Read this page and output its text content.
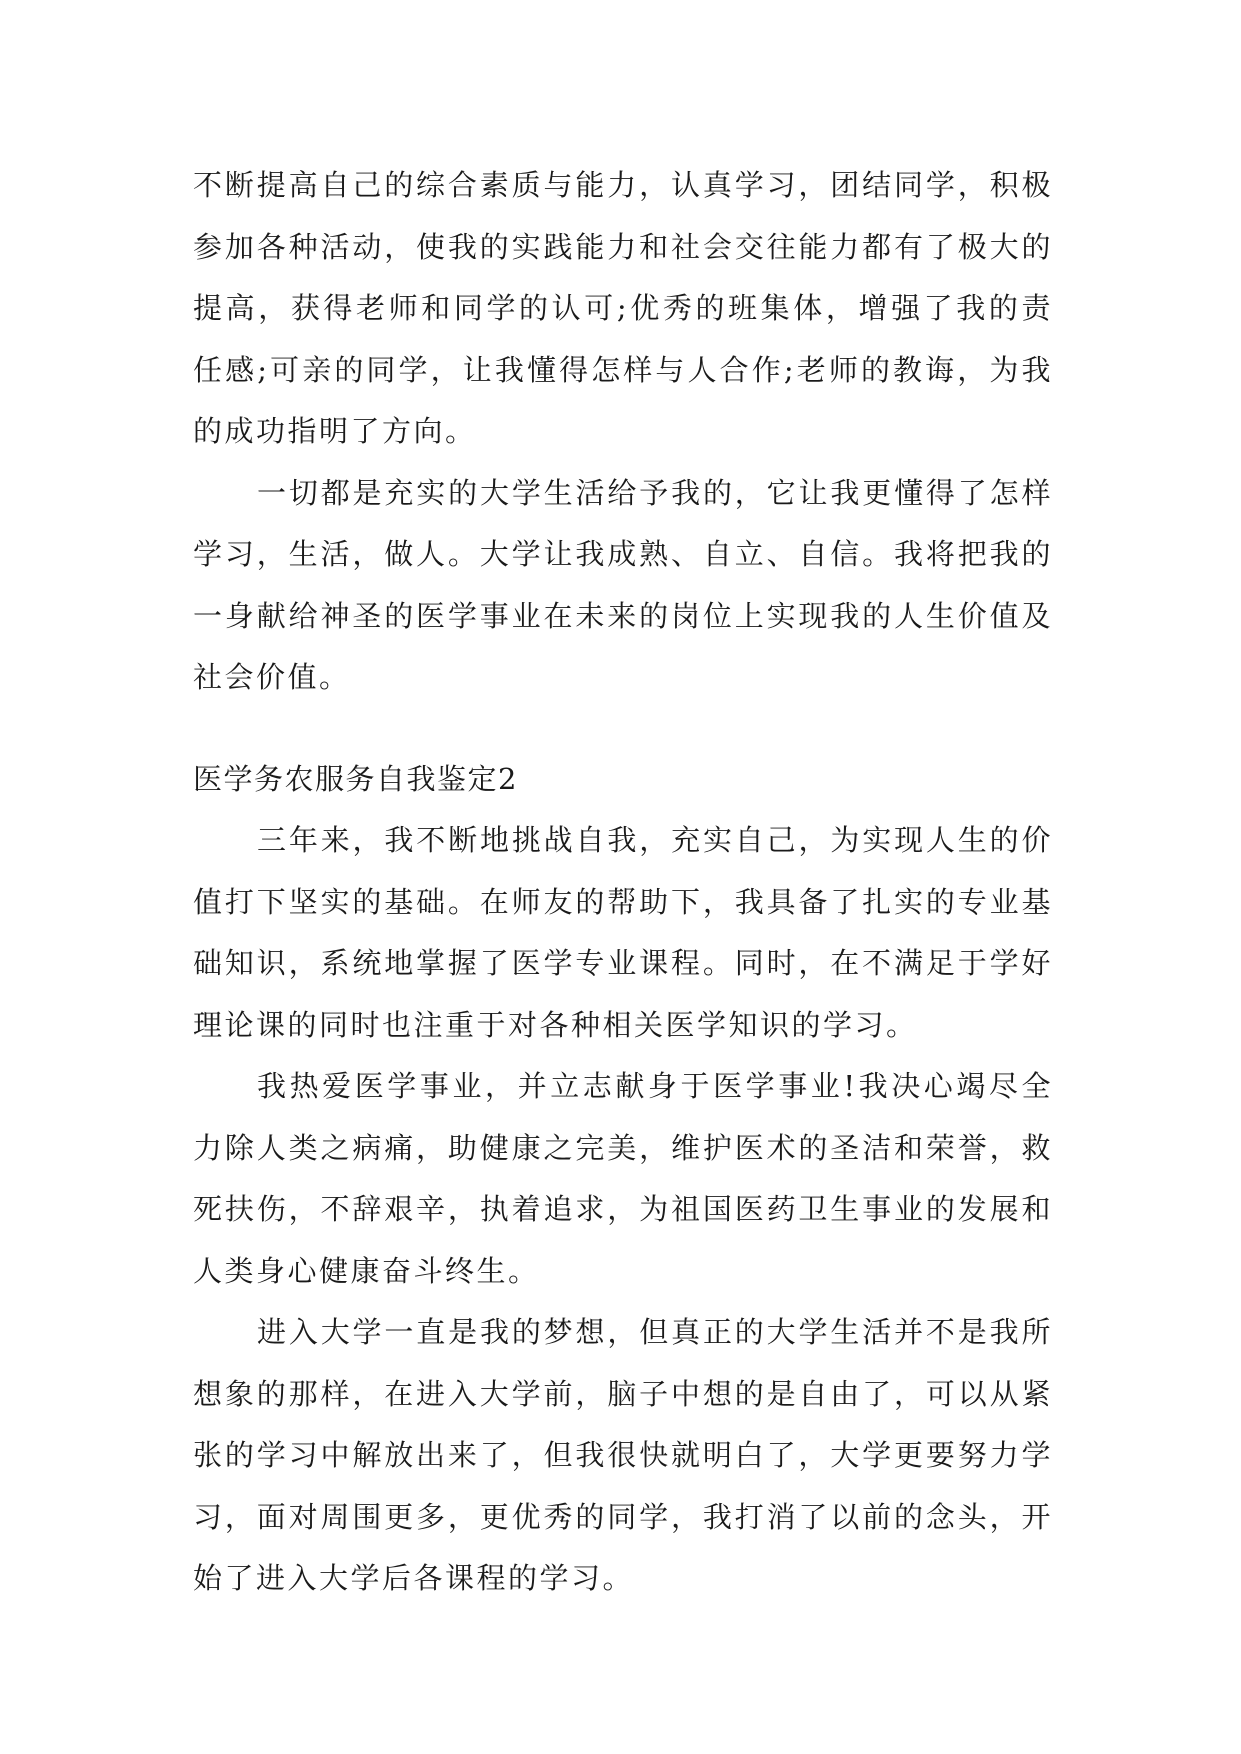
不断提高自己的综合素质与能力，认真学习，团结同学，积极参加各种活动，使我的实践能力和社会交往能力都有了极大的提高，获得老师和同学的认可;优秀的班集体，增强了我的责任感;可亲的同学，让我懂得怎样与人合作;老师的教诲，为我的成功指明了方向。

一切都是充实的大学生活给予我的，它让我更懂得了怎样学习，生活，做人。大学让我成熟、自立、自信。我将把我的一身献给神圣的医学事业在未来的岗位上实现我的人生价值及社会价值。

医学务农服务自我鉴定2

三年来，我不断地挑战自我，充实自己，为实现人生的价值打下坚实的基础。在师友的帮助下，我具备了扎实的专业基础知识，系统地掌握了医学专业课程。同时，在不满足于学好理论课的同时也注重于对各种相关医学知识的学习。

我热爱医学事业，并立志献身于医学事业!我决心竭尽全力除人类之病痛，助健康之完美，维护医术的圣洁和荣誉，救死扶伤，不辞艰辛，执着追求，为祖国医药卫生事业的发展和人类身心健康奋斗终生。

进入大学一直是我的梦想，但真正的大学生活并不是我所想象的那样，在进入大学前，脑子中想的是自由了，可以从紧张的学习中解放出来了，但我很快就明白了，大学更要努力学习，面对周围更多，更优秀的同学，我打消了以前的念头，开始了进入大学后各课程的学习。
